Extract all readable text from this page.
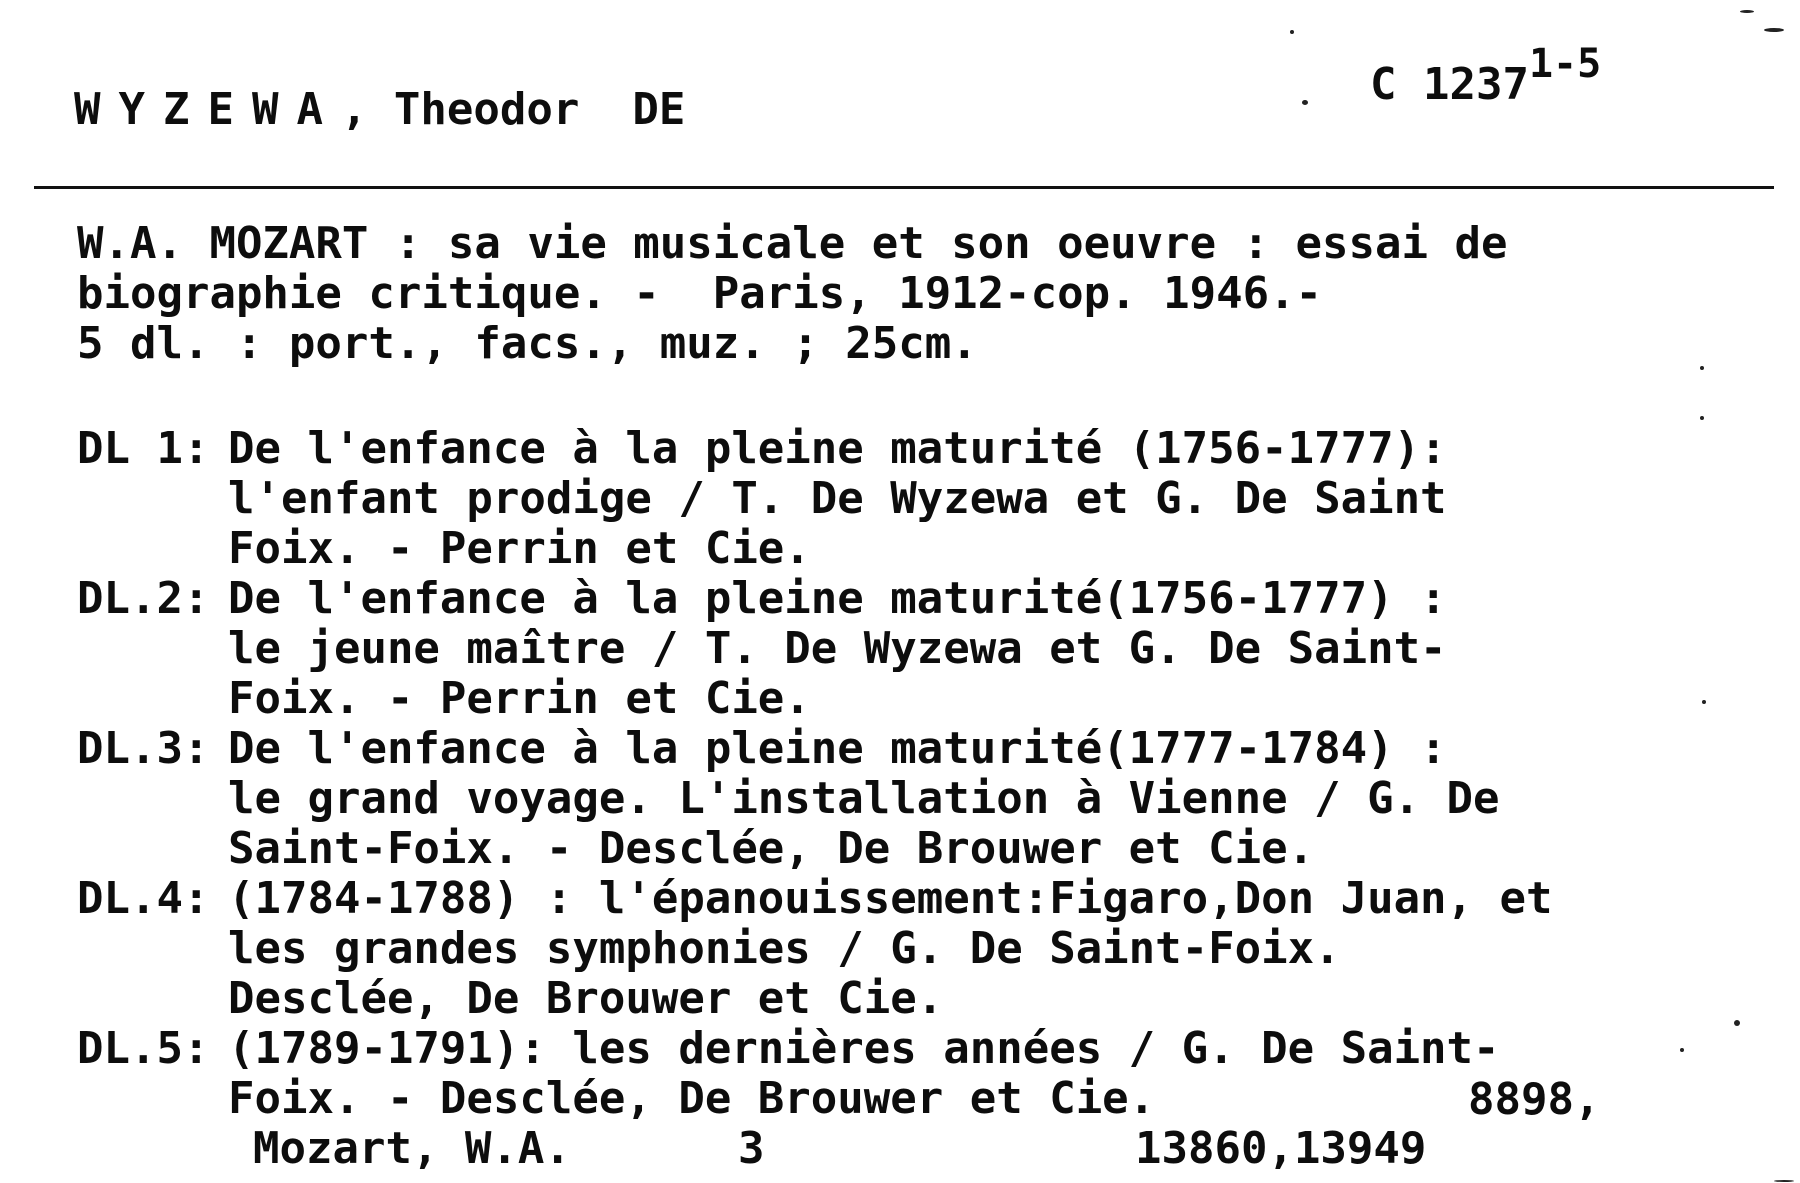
WYZEWA, Theodor  DE	C 1237$^{1-5}$
W.A. MOZART : sa vie musicale et son oeuvre : essai de
biographie critique. -  Paris, 1912-cop. 1946.-
5 dl. : port., facs., muz. ; 25cm.
DL 1: De l'enfance à la pleine maturité (1756-1777):
l'enfant prodige / T. De Wyzewa et G. De Saint
Foix. - Perrin et Cie.
DL.2: De l'enfance à la pleine maturité(1756-1777) :
le jeune maître / T. De Wyzewa et G. De Saint-
Foix. - Perrin et Cie.
DL.3: De l'enfance à la pleine maturité(1777-1784) :
le grand voyage. L'installation à Vienne / G. De
Saint-Foix. - Desclée, De Brouwer et Cie.
DL.4: (1784-1788) : l'épanouissement:Figaro,Don Juan, et
les grandes symphonies / G. De Saint-Foix.
Desclée, De Brouwer et Cie.
DL.5: (1789-1791): les dernières années / G. De Saint-
Foix. - Desclée, De Brouwer et Cie.	8898,
Mozart, W.A.	3	13860,13949
